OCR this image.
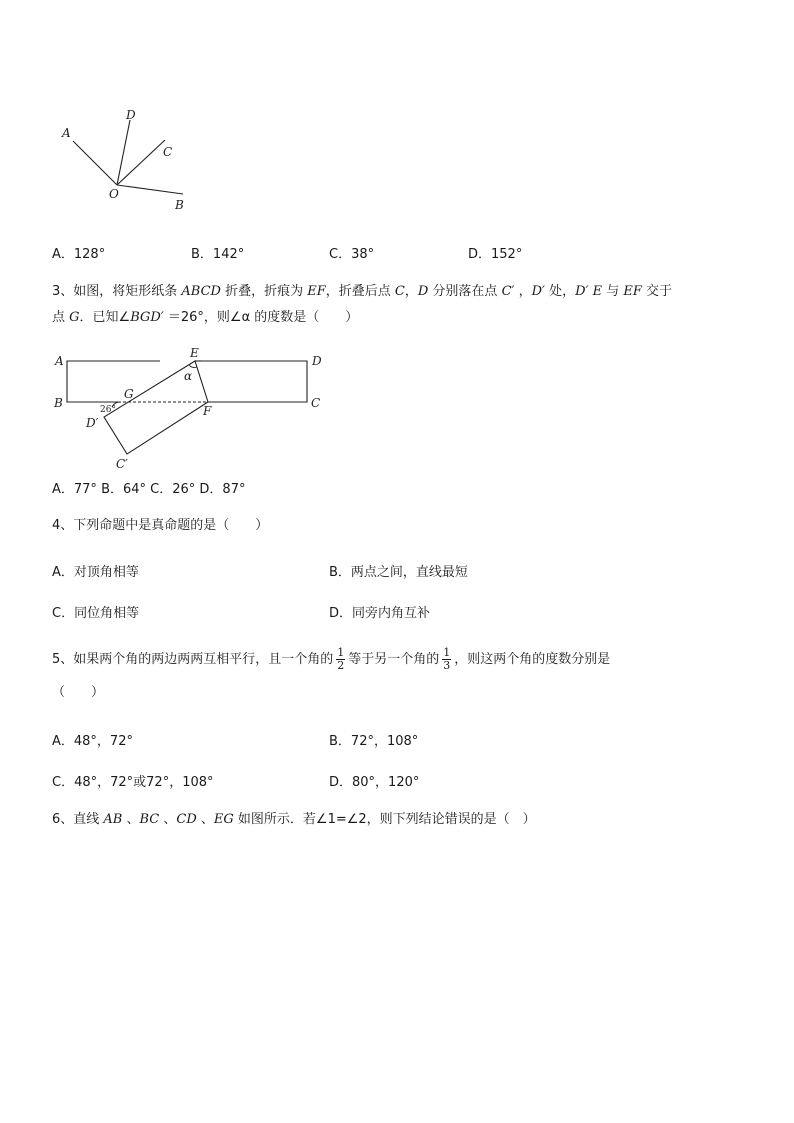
A
D
C
O
B
A．128°	B．142°	C．38°	D．152°
3、如图，将矩形纸条 ABCD 折叠，折痕为 EF，折叠后点 C，D 分别落在点 C′ ，D′ 处，D′ E 与 EF 交于
点 G．已知∠BGD′ ＝26°，则∠α 的度数是（　　）
A
E
D
G
B
F
C
D′
C′
α
26°
A．77° B．64° C．26° D．87°
4、下列命题中是真命题的是（　　）
A．对顶角相等	B．两点之间，直线最短
C．同位角相等	D．同旁内角互补
5、如果两个角的两边两两互相平行，且一个角的 $\frac{1}{2}$ 等于另一个角的 $\frac{1}{3}$ ，则这两个角的度数分别是
（　　）
A．48°，72°	B．72°，108°
C．48°，72°或72°，108°	D．80°，120°
6、直线 AB 、BC 、CD 、EG 如图所示．若∠1=∠2，则下列结论错误的是（　）
